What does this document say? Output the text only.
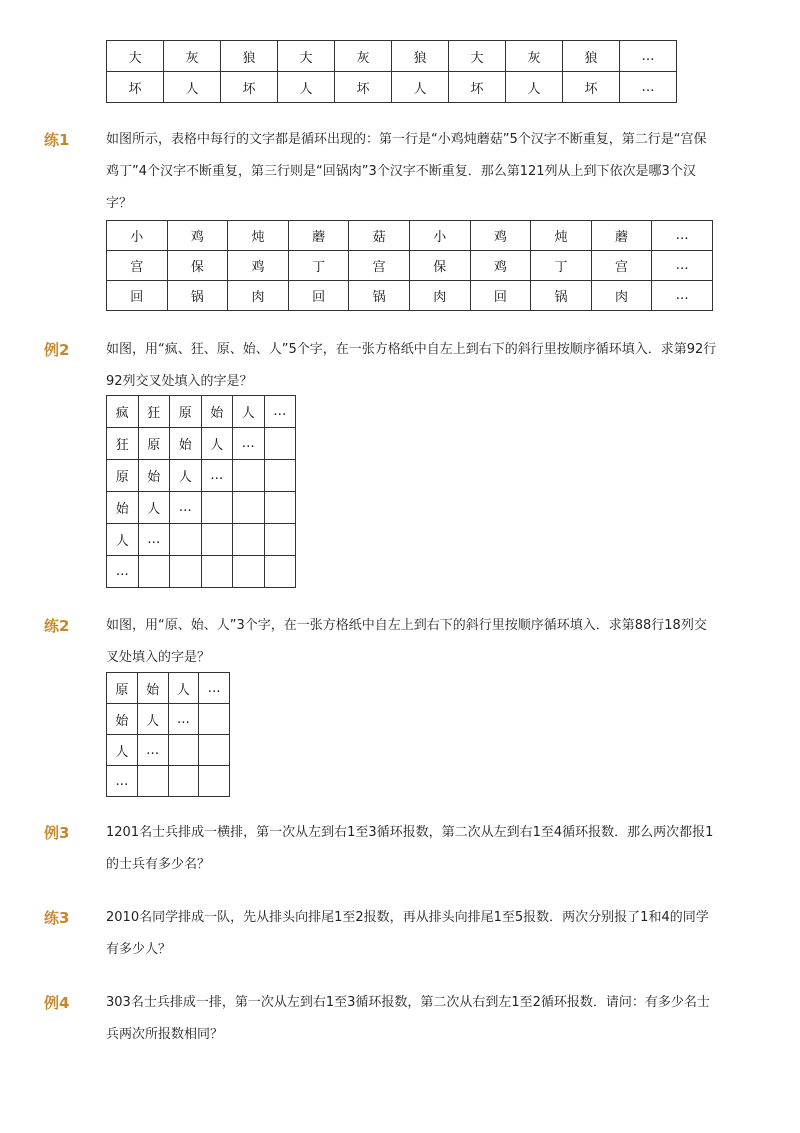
大	灰	狼	大	灰	狼	大	灰	狼	…
坏	人	坏	人	坏	人	坏	人	坏	…
练1	如图所示，表格中每行的文字都是循环出现的：第一行是“小鸡炖蘑菇”5个汉字不断重复，第二行是“宫保鸡丁”4个汉字不断重复，第三行则是“回锅肉”3个汉字不断重复．那么第121列从上到下依次是哪3个汉字？
小	鸡	炖	蘑	菇	小	鸡	炖	蘑	…
宫	保	鸡	丁	宫	保	鸡	丁	宫	…
回	锅	肉	回	锅	肉	回	锅	肉	…
例2	如图，用“疯、狂、原、始、人”5个字，在一张方格纸中自左上到右下的斜行里按顺序循环填入．求第92行92列交叉处填入的字是？
疯	狂	原	始	人	…
狂	原	始	人	…	
原	始	人	…		
始	人	…			
人	…				
…					
练2	如图，用“原、始、人”3个字，在一张方格纸中自左上到右下的斜行里按顺序循环填入．求第88行18列交叉处填入的字是？
原	始	人	…
始	人	…	
人	…		
…			
例3	1201名士兵排成一横排，第一次从左到右1至3循环报数，第二次从左到右1至4循环报数．那么两次都报1的士兵有多少名？
练3	2010名同学排成一队，先从排头向排尾1至2报数，再从排头向排尾1至5报数．两次分别报了1和4的同学有多少人？
例4	303名士兵排成一排，第一次从左到右1至3循环报数，第二次从右到左1至2循环报数．请问：有多少名士兵两次所报数相同？
